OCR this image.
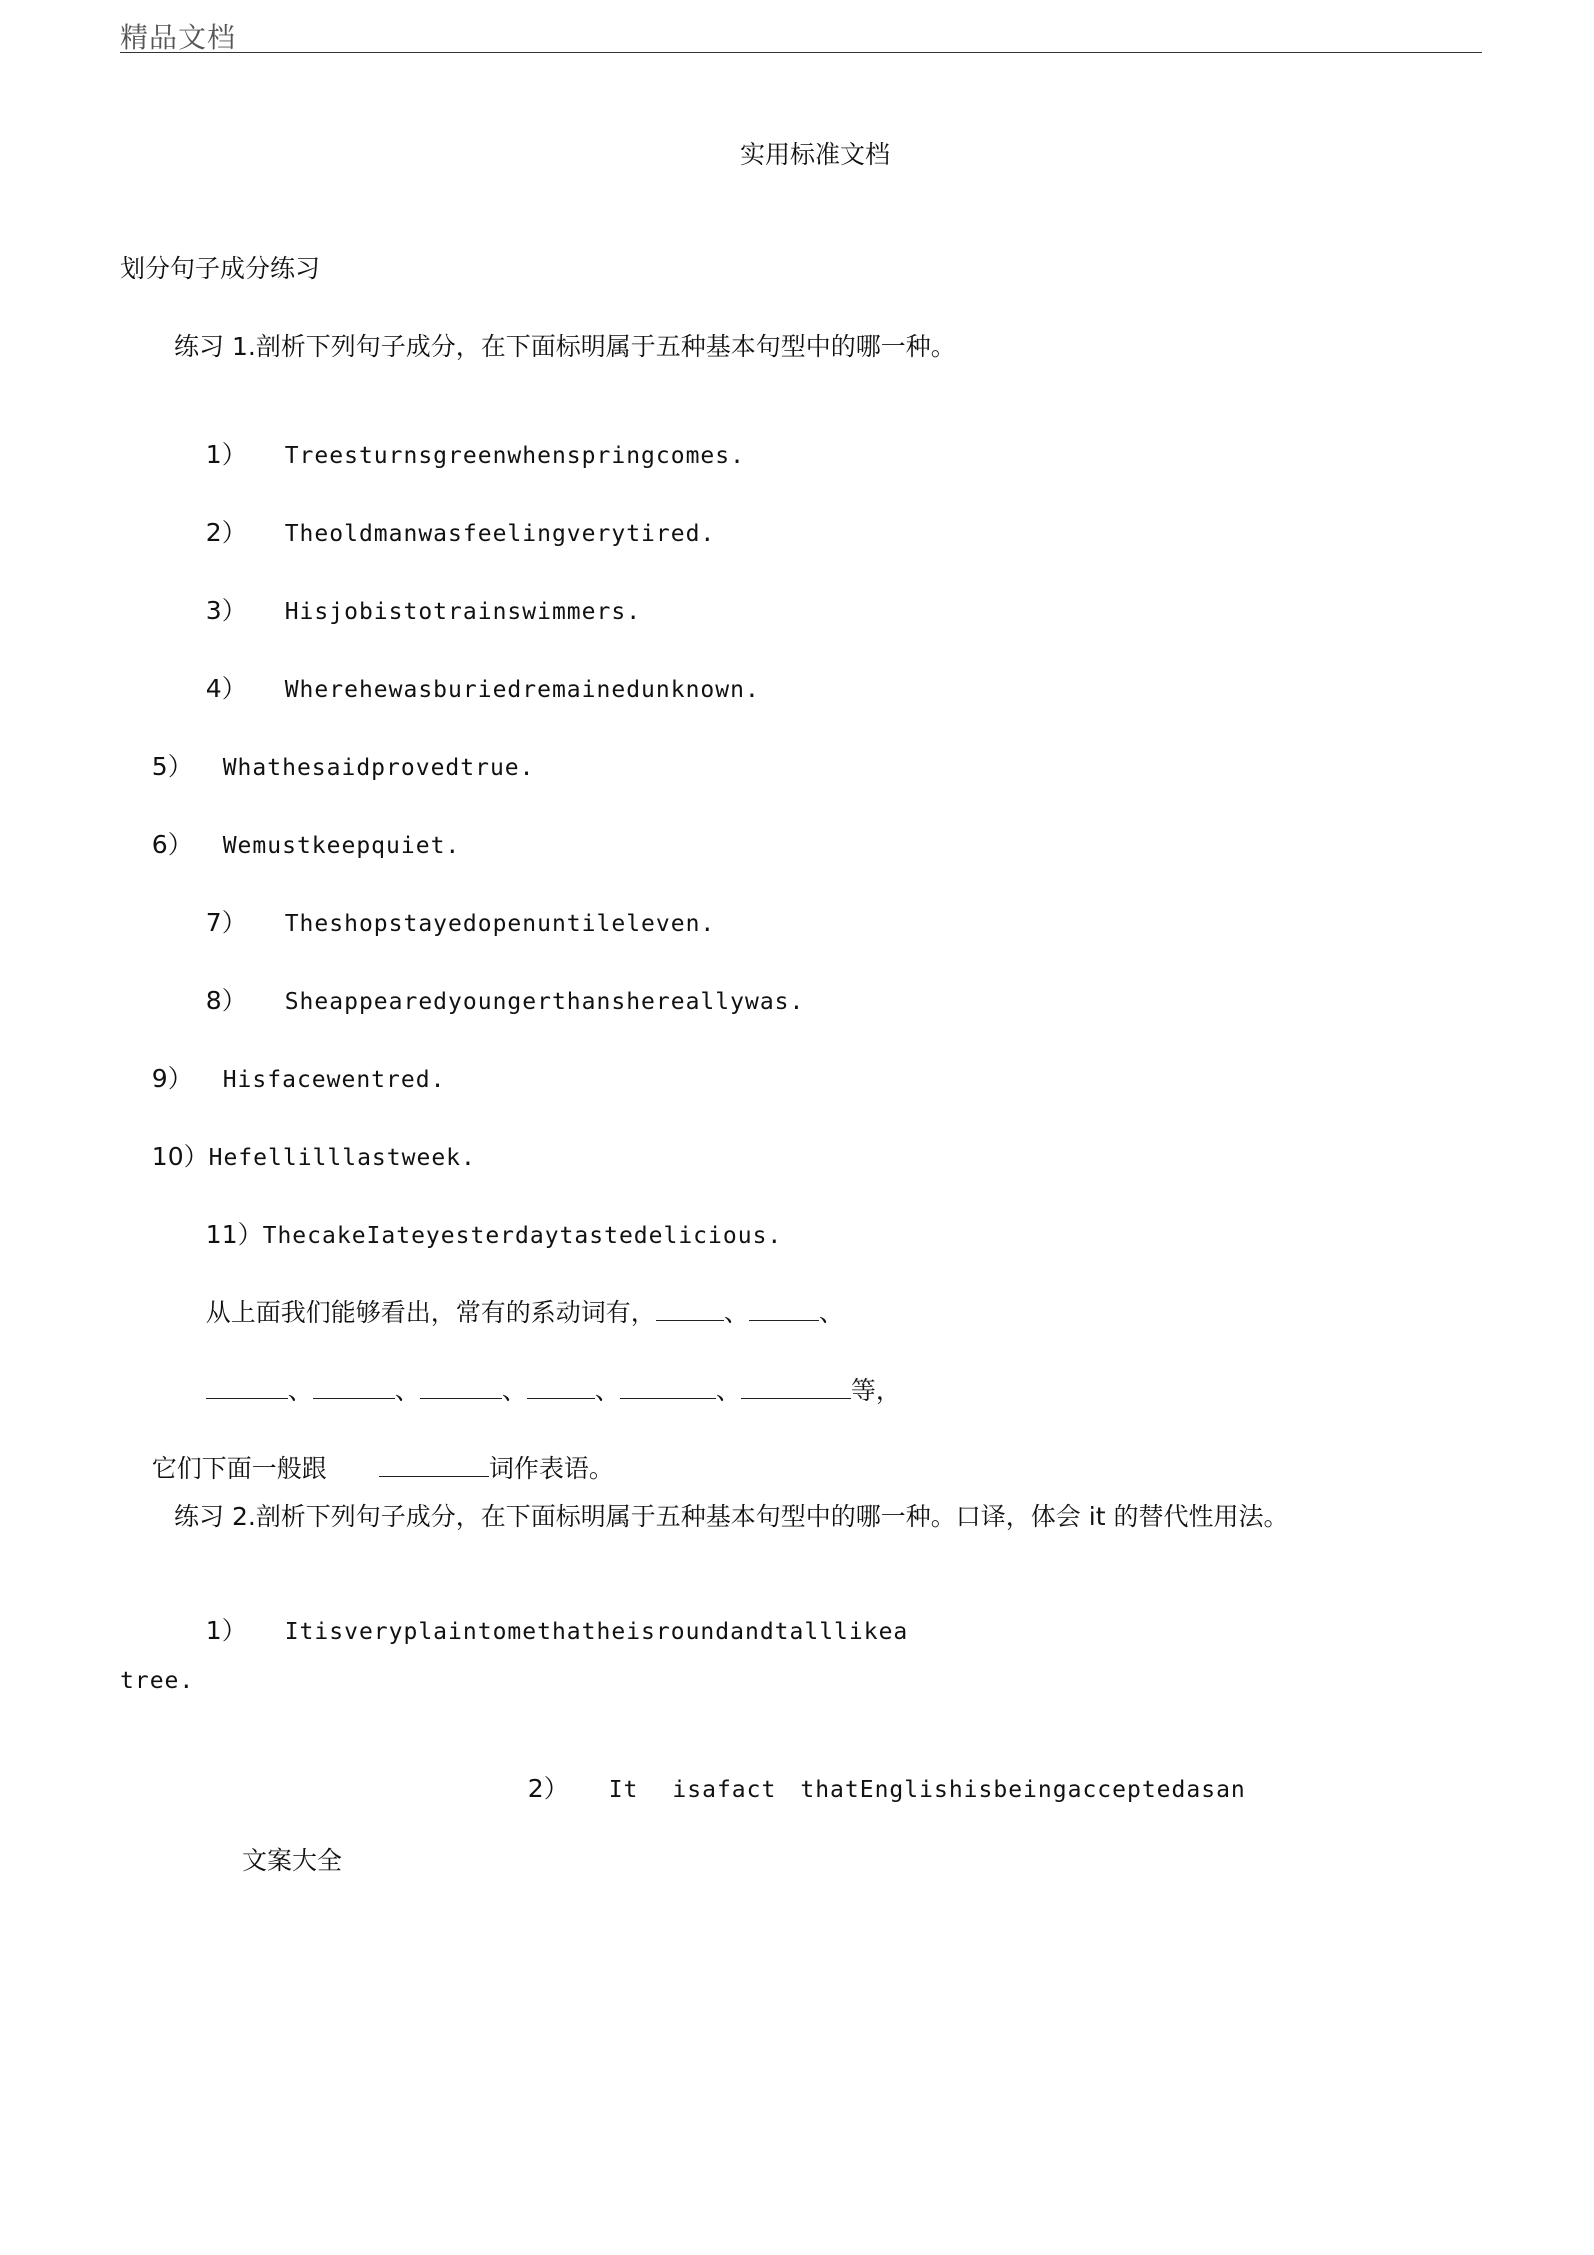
精品文档
实用标准文档
划分句子成分练习
练习 1.剖析下列句子成分，在下面标明属于五种基本句型中的哪一种。

1） Treesturnsgreenwhenspringcomes.

2） Theoldmanwasfeelingverytired.

3） Hisjobistotrainswimmers.

4） Wherehewasburiedremainedunknown.

5） Whathesaidprovedtrue.

6） Wemustkeepquiet.

7） Theshopstayedopenuntileleven.

8） Sheappearedyoungerthanshereallywas.

9） Hisfacewentred.

10）Hefellilllastweek.

11）ThecakeIateyesterdaytastedelicious.

从上面我们能够看出，常有的系动词有，	、	、

、	、	、	、	、	等，

它们下面一般跟	词作表语。

练习 2.剖析下列句子成分，在下面标明属于五种基本句型中的哪一种。口译，体会 it 的替代性用法。

1） Itisveryplaintomethatheisroundandtalllikea

tree.

2） It isafact thatEnglishisbeingacceptedasan

文案大全
